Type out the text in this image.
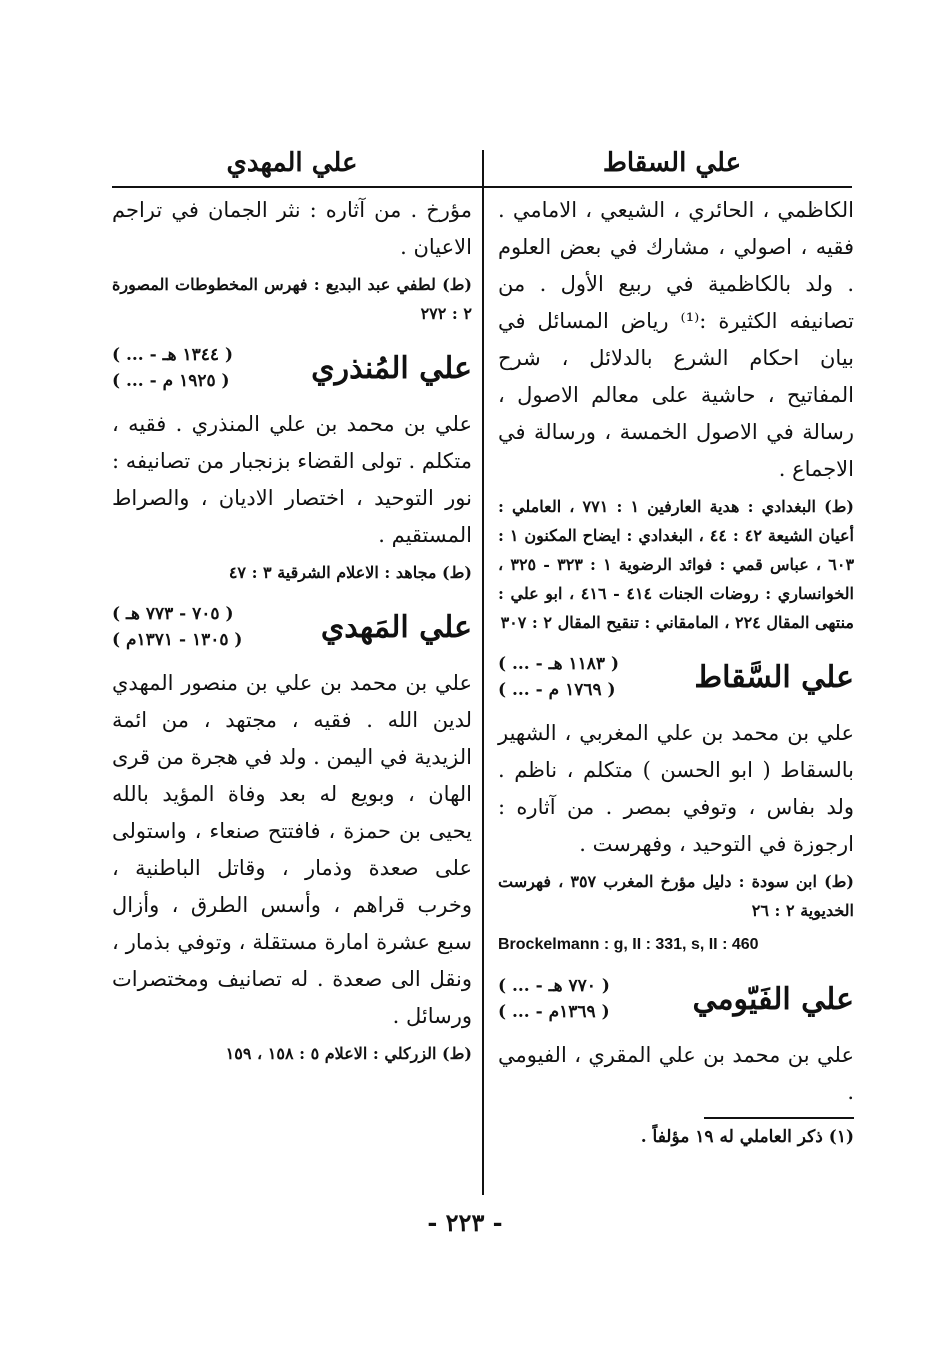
علي السقاط
علي المهدي

الكاظمي ، الحائري ، الشيعي ، الامامي . فقيه ، اصولي ، مشارك في بعض العلوم . ولد بالكاظمية في ربيع الأول . من تصانيفه الكثيرة :⁽¹⁾ رياض المسائل في بيان احكام الشرع بالدلائل ، شرح المفاتيح ، حاشية على معالم الاصول ، رسالة في الاصول الخمسة ، ورسالة في الاجماع .

(ط) البغدادي : هدية العارفين ١ : ٧٧١ ، العاملي : أعيان الشيعة ٤٢ : ٤٤ ، البغدادي : ايضاح المكنون ١ : ٦٠٣ ، عباس قمي : فوائد الرضوية ١ : ٣٢٣ - ٣٢٥ ، الخوانساري : روضات الجنات ٤١٤ - ٤١٦ ، ابو علي : منتهى المقال ٢٢٤ ، المامقاني : تنقيح المقال ٢ : ٣٠٧

علي السَّقاط
( ... - ١١٨٣ هـ )
( ... - ١٧٦٩ م )

علي بن محمد بن علي المغربي ، الشهير بالسقاط ( ابو الحسن ) متكلم ، ناظم . ولد بفاس ، وتوفي بمصر . من آثاره : ارجوزة في التوحيد ، وفهرست .

(ط) ابن سودة : دليل مؤرخ المغرب ٣٥٧ ، فهرست الخديوية ٢ : ٢٦

Brockelmann : g, II : 331, s, II : 460
علي الفَيّومي
( ... - ٧٧٠ هـ )
( ... - ١٣٦٩م )

علي بن محمد بن علي المقري ، الفيومي .

(١) ذكر العاملي له ١٩ مؤلفاً .

مؤرخ . من آثاره : نثر الجمان في تراجم الاعيان .

(ط) لطفي عبد البديع : فهرس المخطوطات المصورة ٢ : ٢٧٢

علي المُنذري
( ... - ١٣٤٤ هـ )
( ... - ١٩٢٥ م )

علي بن محمد بن علي المنذري . فقيه ، متكلم . تولى القضاء بزنجبار من تصانيفه : نور التوحيد ، اختصار الاديان ، والصراط المستقيم .

(ط) مجاهد : الاعلام الشرقية ٣ : ٤٧

علي المَهدي
( ٧٠٥ - ٧٧٣ هـ )
( ١٣٠٥ - ١٣٧١م )

علي بن محمد بن علي بن منصور المهدي لدين الله . فقيه ، مجتهد ، من ائمة الزيدية في اليمن . ولد في هجرة من قرى الهان ، وبويع له بعد وفاة المؤيد بالله يحيى بن حمزة ، فافتتح صنعاء ، واستولى على صعدة وذمار ، وقاتل الباطنية ، وخرب قراهم ، وأسس الطرق ، وأزال سبع عشرة امارة مستقلة ، وتوفي بذمار ، ونقل الى صعدة . له تصانيف ومختصرات ورسائل .

(ط) الزركلي : الاعلام ٥ : ١٥٨ ، ١٥٩

- ٢٢٣ -
